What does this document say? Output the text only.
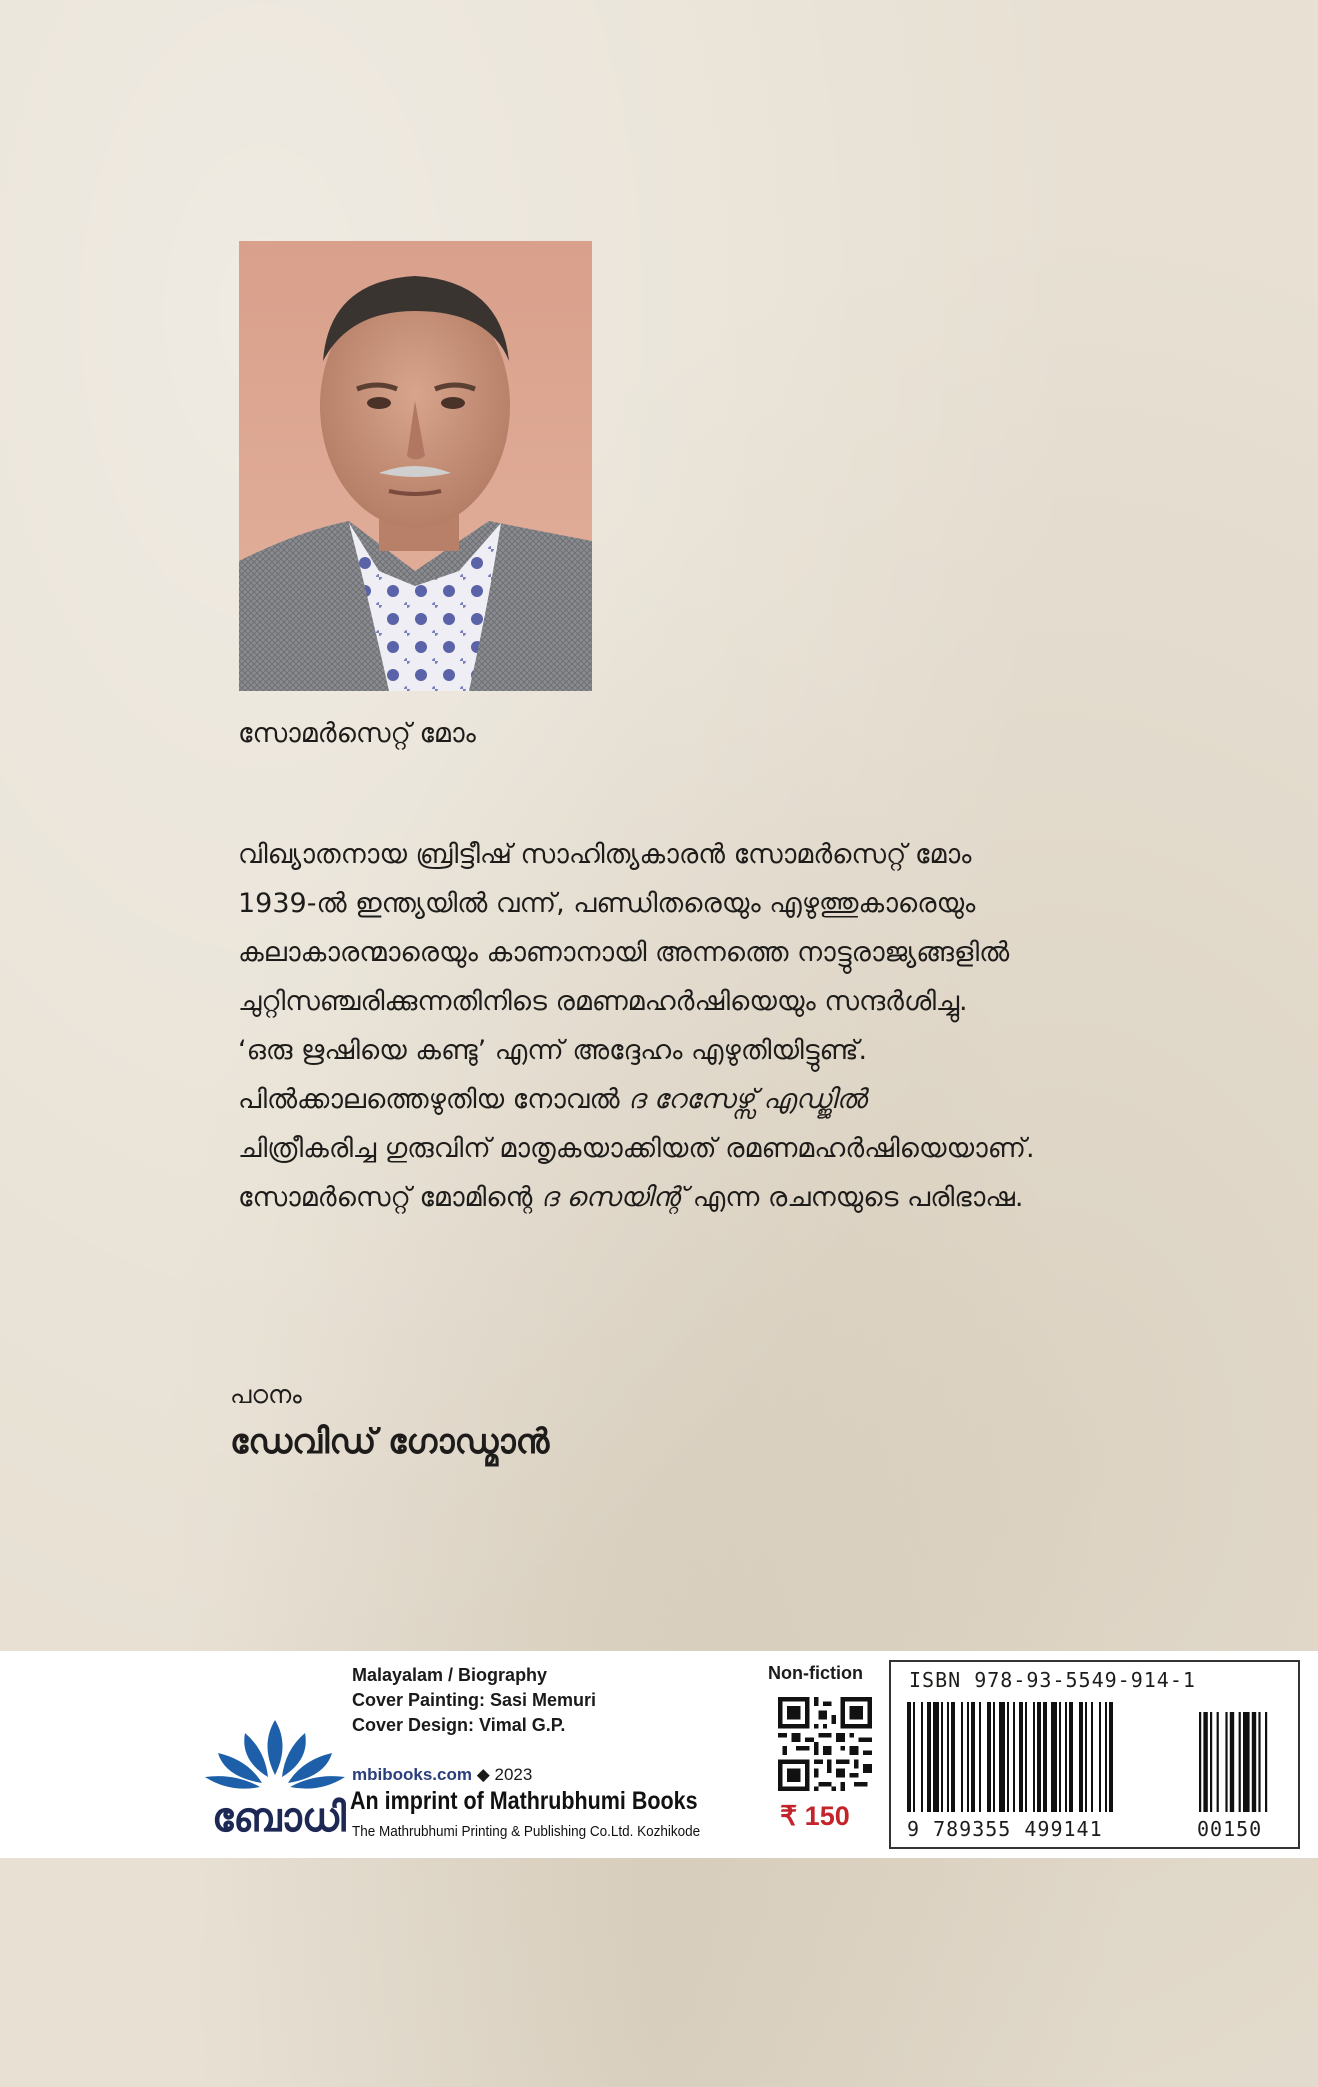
സോമർസെറ്റ് മോം

വിഖ്യാതനായ ബ്രിട്ടീഷ് സാഹിത്യകാരൻ സോമർസെറ്റ് മോം

1939-ൽ ഇന്ത്യയിൽ വന്ന്, പണ്ഡിതരെയും എഴുത്തുകാരെയും

കലാകാരന്മാരെയും കാണാനായി അന്നത്തെ നാട്ടുരാജ്യങ്ങളിൽ

ചുറ്റിസഞ്ചരിക്കുന്നതിനിടെ രമണമഹർഷിയെയും സന്ദർശിച്ചു.

‘ഒരു ഋഷിയെ കണ്ടു’ എന്ന് അദ്ദേഹം എഴുതിയിട്ടുണ്ട്.

പിൽക്കാലത്തെഴുതിയ നോവൽ ദ റേസേഴ്സ് എഡ്ജിൽ

ചിത്രീകരിച്ച ഗുരുവിന് മാതൃകയാക്കിയത് രമണമഹർഷിയെയാണ്.

സോമർസെറ്റ് മോമിന്റെ ദ സെയിന്റ് എന്ന രചനയുടെ പരിഭാഷ.

പഠനം
ഡേവിഡ് ഗോഡ്മാൻ
ബോധി
Malayalam / Biography
Cover Painting: Sasi Memuri
Cover Design: Vimal G.P.
mbibooks.com ◆ 2023
An imprint of Mathrubhumi Books
The Mathrubhumi Printing & Publishing Co.Ltd. Kozhikode
Non-fiction
₹ 150
ISBN 978-93-5549-914-1
9 789355 499141	00150
